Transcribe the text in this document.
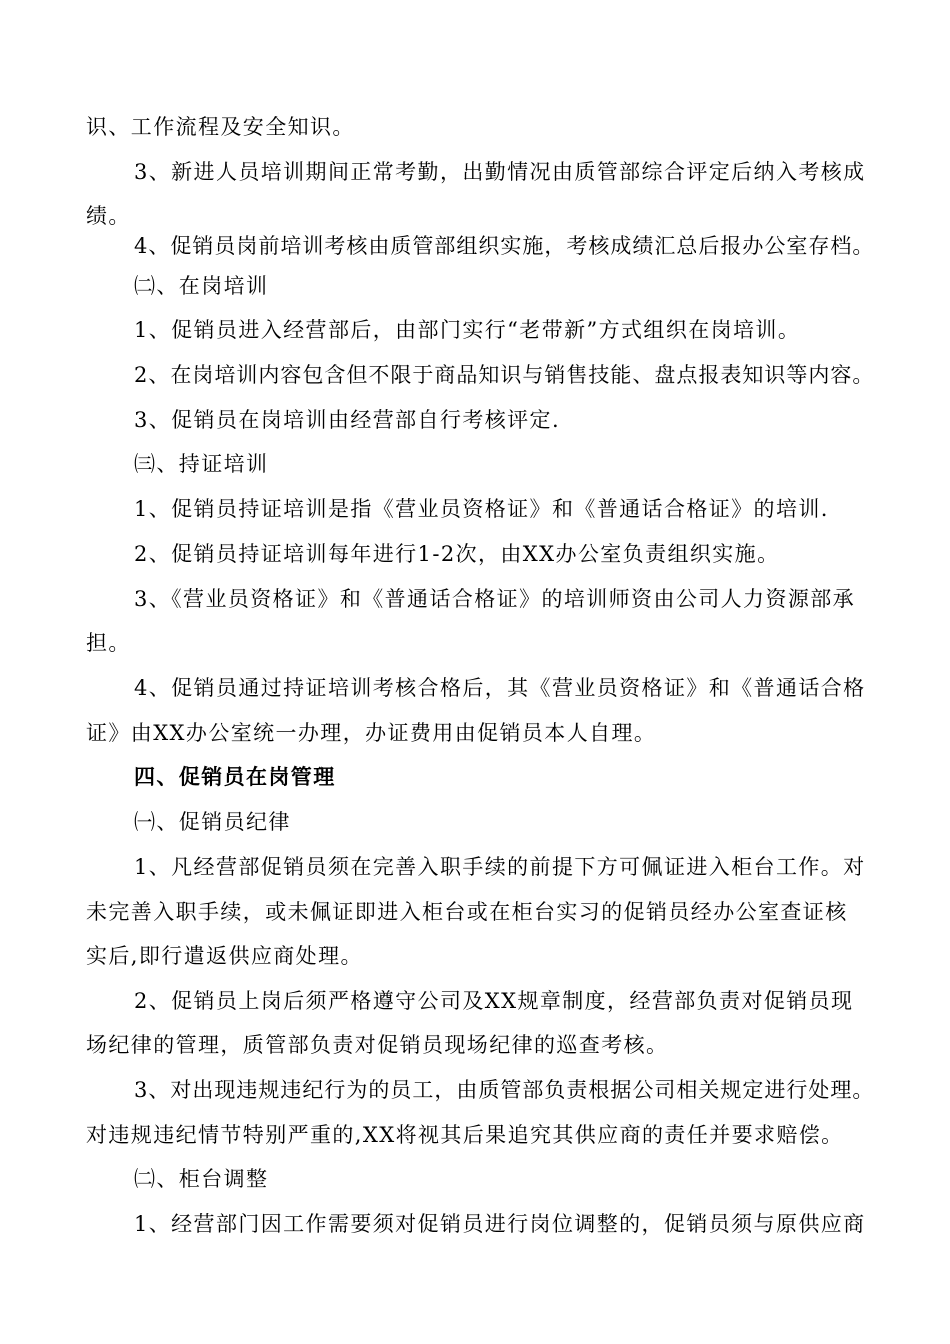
识、工作流程及安全知识。
3、新进人员培训期间正常考勤，出勤情况由质管部综合评定后纳入考核成
绩。
4、促销员岗前培训考核由质管部组织实施，考核成绩汇总后报办公室存档。
㈡、在岗培训
1、促销员进入经营部后，由部门实行“老带新”方式组织在岗培训。
2、在岗培训内容包含但不限于商品知识与销售技能、盘点报表知识等内容。
3、促销员在岗培训由经营部自行考核评定.
㈢、持证培训
1、促销员持证培训是指《营业员资格证》和《普通话合格证》的培训.
2、促销员持证培训每年进行1-2次，由XX办公室负责组织实施。
3、《营业员资格证》和《普通话合格证》的培训师资由公司人力资源部承
担。
4、促销员通过持证培训考核合格后，其《营业员资格证》和《普通话合格
证》由XX办公室统一办理，办证费用由促销员本人自理。
四、促销员在岗管理
㈠、促销员纪律
1、凡经营部促销员须在完善入职手续的前提下方可佩证进入柜台工作。对
未完善入职手续，或未佩证即进入柜台或在柜台实习的促销员经办公室查证核
实后,即行遣返供应商处理。
2、促销员上岗后须严格遵守公司及XX规章制度，经营部负责对促销员现
场纪律的管理，质管部负责对促销员现场纪律的巡查考核。
3、对出现违规违纪行为的员工，由质管部负责根据公司相关规定进行处理。
对违规违纪情节特别严重的,XX将视其后果追究其供应商的责任并要求赔偿。
㈡、柜台调整
1、经营部门因工作需要须对促销员进行岗位调整的，促销员须与原供应商
